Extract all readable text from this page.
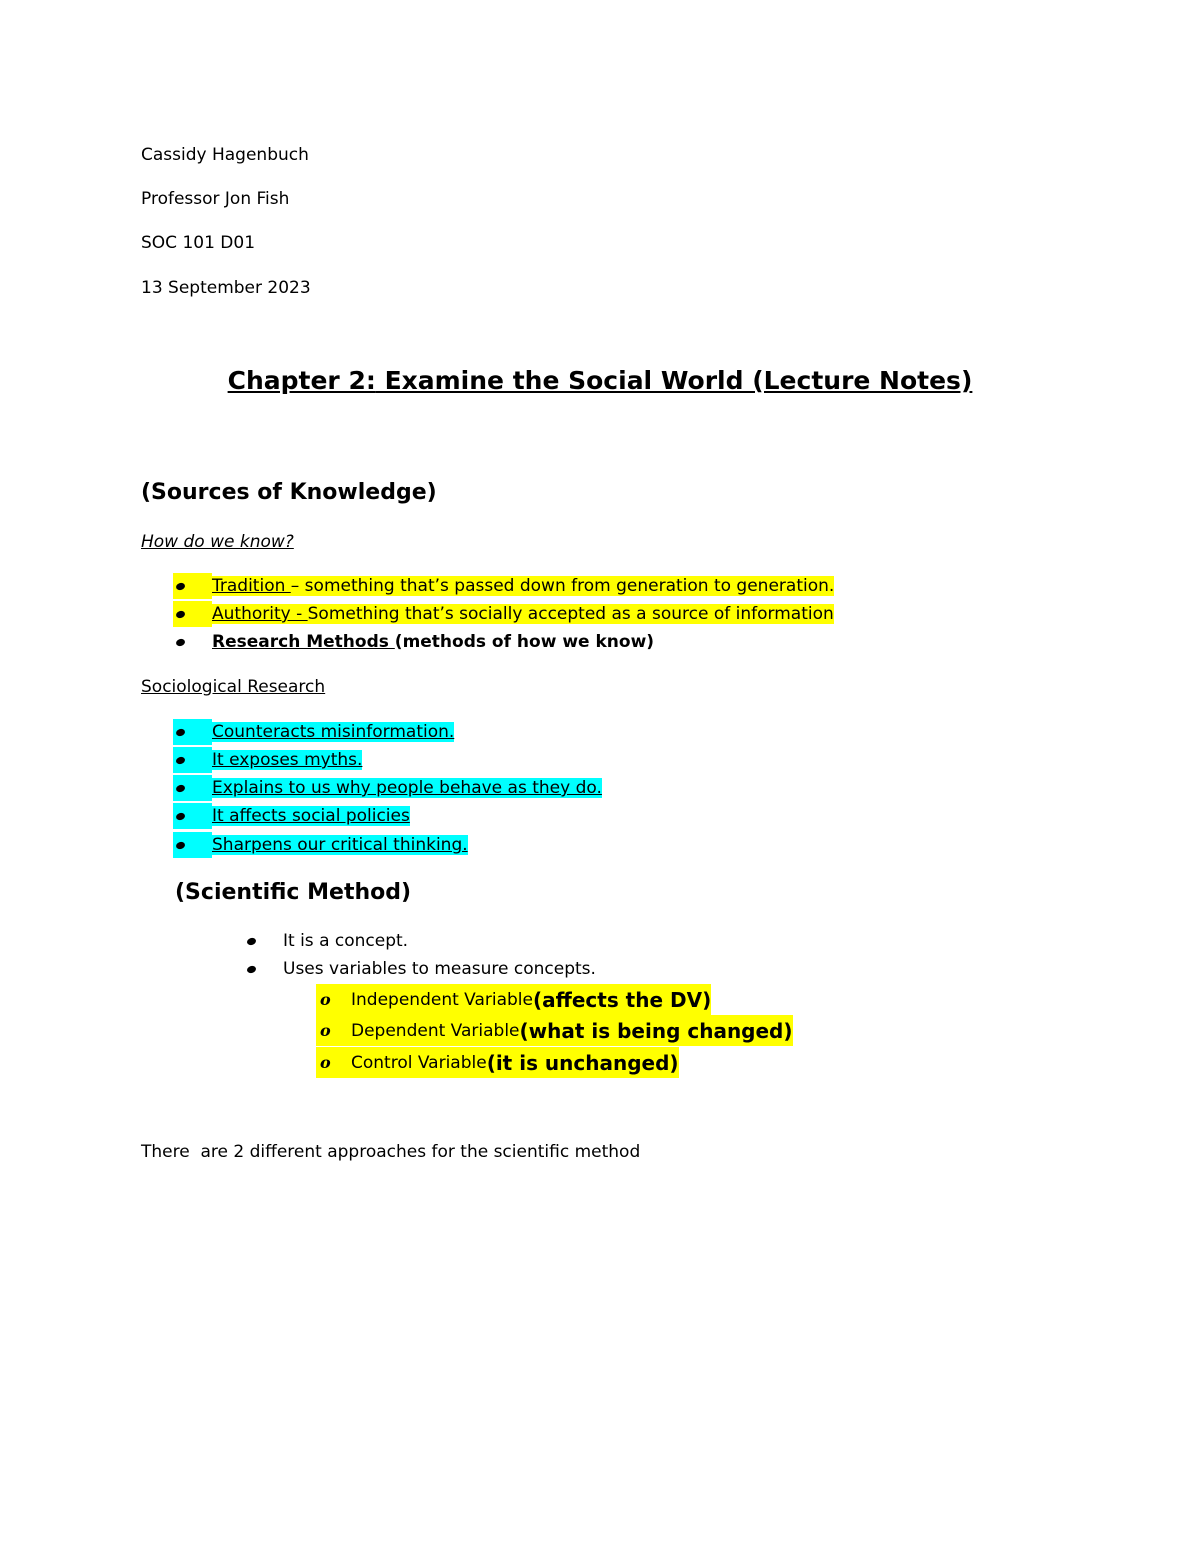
Cassidy Hagenbuch
Professor Jon Fish
SOC 101 D01
13 September 2023
Chapter 2: Examine the Social World (Lecture Notes)
(Sources of Knowledge)
How do we know?
Tradition – something that’s passed down from generation to generation.
Authority - Something that’s socially accepted as a source of information
Research Methods (methods of how we know)
Sociological Research
Counteracts misinformation.
It exposes myths.
Explains to us why people behave as they do.
It affects social policies
Sharpens our critical thinking.
(Scientific Method)
It is a concept.
Uses variables to measure concepts.
o	Independent Variable (affects the DV)
o	Dependent Variable (what is being changed)
o	Control Variable (it is unchanged)
There  are 2 different approaches for the scientific method
